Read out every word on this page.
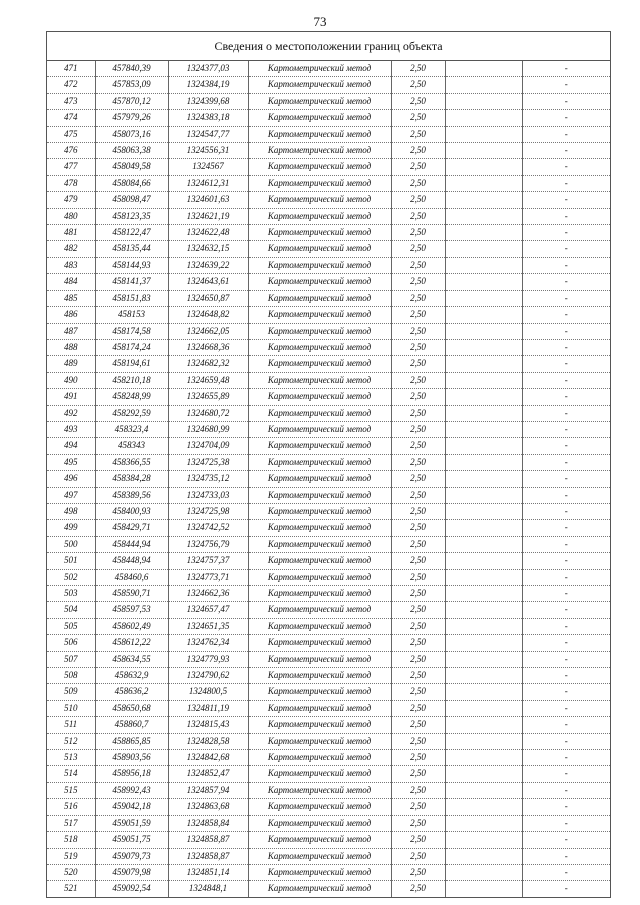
73
Сведения о местоположении границ объекта
471	457840,39	1324377,03	Картометрический метод	2,50		-
472	457853,09	1324384,19	Картометрический метод	2,50		-
473	457870,12	1324399,68	Картометрический метод	2,50		-
474	457979,26	1324383,18	Картометрический метод	2,50		-
475	458073,16	1324547,77	Картометрический метод	2,50		-
476	458063,38	1324556,31	Картометрический метод	2,50		-
477	458049,58	1324567	Картометрический метод	2,50		-
478	458084,66	1324612,31	Картометрический метод	2,50		-
479	458098,47	1324601,63	Картометрический метод	2,50		-
480	458123,35	1324621,19	Картометрический метод	2,50		-
481	458122,47	1324622,48	Картометрический метод	2,50		-
482	458135,44	1324632,15	Картометрический метод	2,50		-
483	458144,93	1324639,22	Картометрический метод	2,50		-
484	458141,37	1324643,61	Картометрический метод	2,50		-
485	458151,83	1324650,87	Картометрический метод	2,50		-
486	458153	1324648,82	Картометрический метод	2,50		-
487	458174,58	1324662,05	Картометрический метод	2,50		-
488	458174,24	1324668,36	Картометрический метод	2,50		-
489	458194,61	1324682,32	Картометрический метод	2,50		-
490	458210,18	1324659,48	Картометрический метод	2,50		-
491	458248,99	1324655,89	Картометрический метод	2,50		-
492	458292,59	1324680,72	Картометрический метод	2,50		-
493	458323,4	1324680,99	Картометрический метод	2,50		-
494	458343	1324704,09	Картометрический метод	2,50		-
495	458366,55	1324725,38	Картометрический метод	2,50		-
496	458384,28	1324735,12	Картометрический метод	2,50		-
497	458389,56	1324733,03	Картометрический метод	2,50		-
498	458400,93	1324725,98	Картометрический метод	2,50		-
499	458429,71	1324742,52	Картометрический метод	2,50		-
500	458444,94	1324756,79	Картометрический метод	2,50		-
501	458448,94	1324757,37	Картометрический метод	2,50		-
502	458460,6	1324773,71	Картометрический метод	2,50		-
503	458590,71	1324662,36	Картометрический метод	2,50		-
504	458597,53	1324657,47	Картометрический метод	2,50		-
505	458602,49	1324651,35	Картометрический метод	2,50		-
506	458612,22	1324762,34	Картометрический метод	2,50		-
507	458634,55	1324779,93	Картометрический метод	2,50		-
508	458632,9	1324790,62	Картометрический метод	2,50		-
509	458636,2	1324800,5	Картометрический метод	2,50		-
510	458650,68	1324811,19	Картометрический метод	2,50		-
511	458860,7	1324815,43	Картометрический метод	2,50		-
512	458865,85	1324828,58	Картометрический метод	2,50		-
513	458903,56	1324842,68	Картометрический метод	2,50		-
514	458956,18	1324852,47	Картометрический метод	2,50		-
515	458992,43	1324857,94	Картометрический метод	2,50		-
516	459042,18	1324863,68	Картометрический метод	2,50		-
517	459051,59	1324858,84	Картометрический метод	2,50		-
518	459051,75	1324858,87	Картометрический метод	2,50		-
519	459079,73	1324858,87	Картометрический метод	2,50		-
520	459079,98	1324851,14	Картометрический метод	2,50		-
521	459092,54	1324848,1	Картометрический метод	2,50		-
